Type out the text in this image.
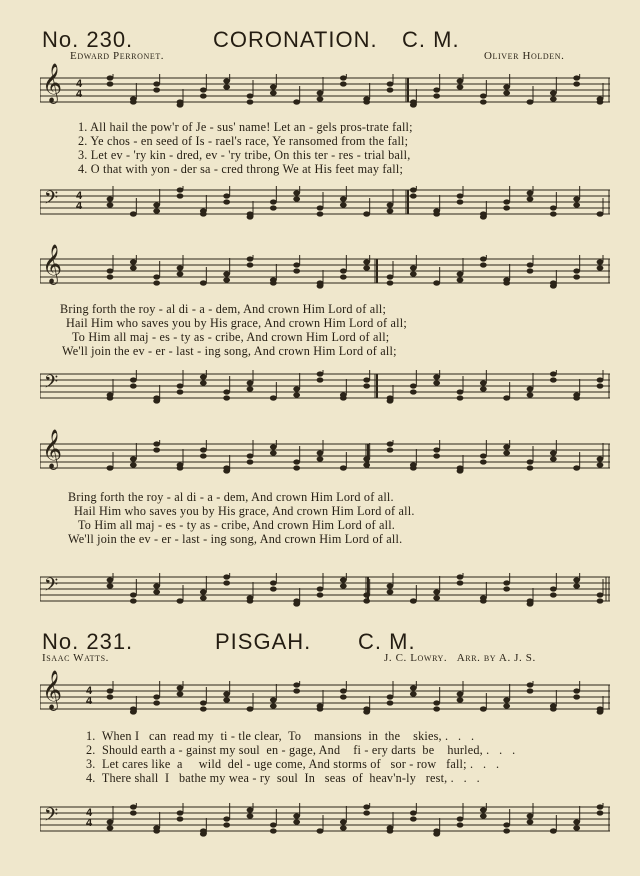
No. 230.	CORONATION. C. M.
Edward Perronet.	Oliver Holden.
𝄞 4
4
1. All hail the pow'r of Je - sus' name! Let an - gels pros-trate fall;
2. Ye chos - en seed of Is - rael's race, Ye ransomed from the fall;
3. Let ev - 'ry kin - dred, ev - 'ry tribe, On this ter - res - trial ball,
4. O that with yon - der sa - cred throng We at His feet may fall;
𝄢 4
4
𝄞
Bring forth the roy - al di - a - dem, And crown Him Lord of all;
Hail Him who saves you by His grace, And crown Him Lord of all;
To Him all maj - es - ty as - cribe, And crown Him Lord of all;
We'll join the ev - er - last - ing song, And crown Him Lord of all;
𝄢
𝄞
Bring forth the roy - al di - a - dem, And crown Him Lord of all.
Hail Him who saves you by His grace, And crown Him Lord of all.
To Him all maj - es - ty as - cribe, And crown Him Lord of all.
We'll join the ev - er - last - ing song, And crown Him Lord of all.
𝄢
No. 231.	PISGAH. C. M.
Isaac Watts.	J. C. Lowry.   Arr. by A. J. S.
𝄞 4
4
1.  When I   can  read my  ti - tle clear,  To    mansions  in  the    skies, .   .   .
2.  Should earth a - gainst my soul  en - gage, And    fi - ery darts  be    hurled, .   .   .
3.  Let cares like  a     wild  del - uge come, And storms of   sor - row   fall; .   .   .
4.  There shall  I   bathe my wea - ry  soul  In   seas  of  heav'n-ly   rest, .   .   .
𝄢	4
4
